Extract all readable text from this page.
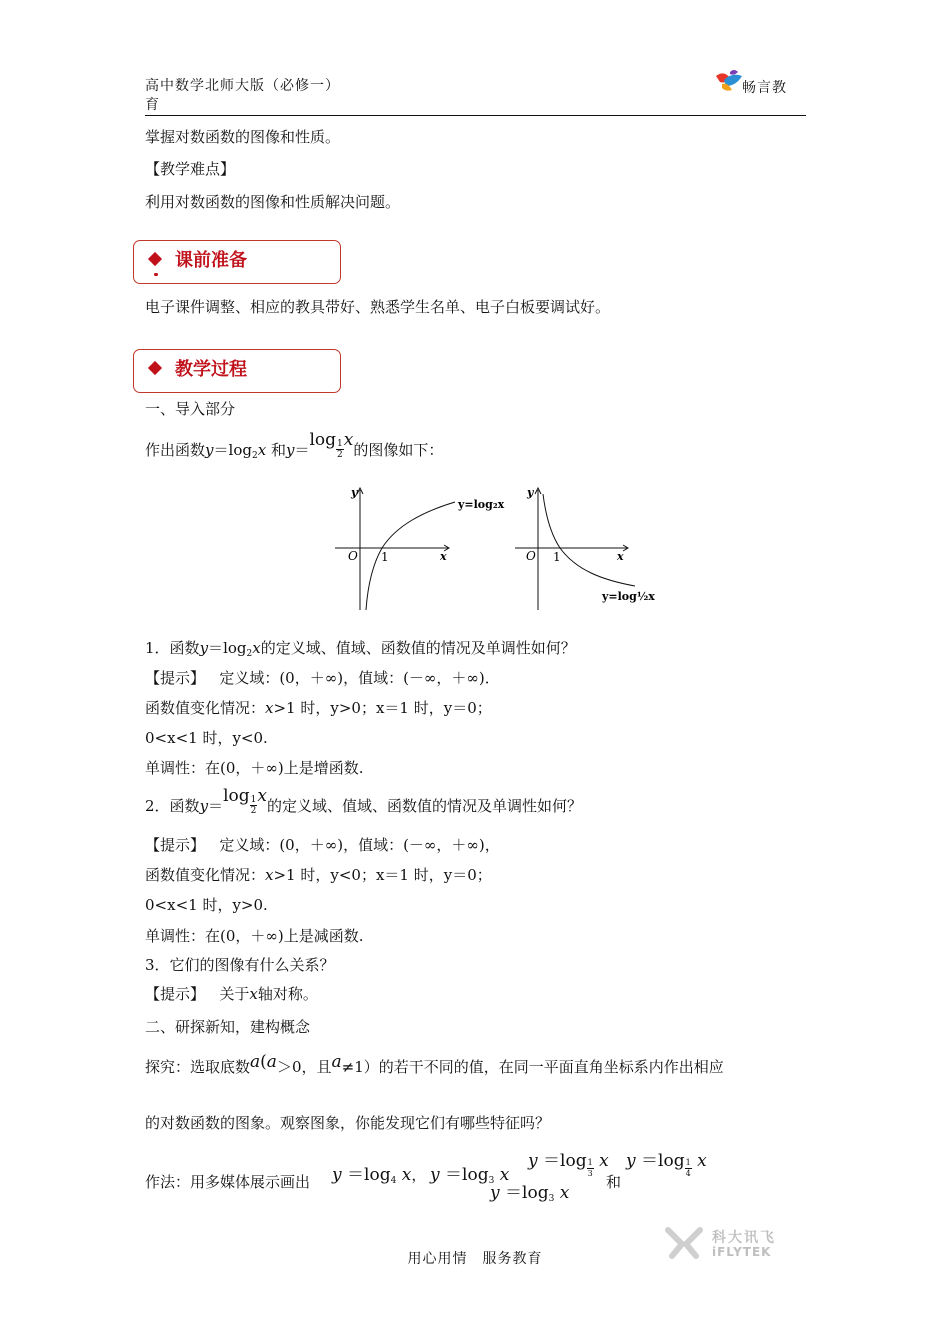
高中数学北师大版（必修一）
育
畅言教
掌握对数函数的图像和性质。
【教学难点】
利用对数函数的图像和性质解决问题。
课前准备
电子课件调整、相应的教具带好、熟悉学生名单、电子白板要调试好。
教学过程
一、导入部分
作出函数$y=\log_2x$ 和$y=\log \frac{1}{2}$ x的图像如下：
y
x
O 1
y=log₂x
y
x
O 1
y=log½x
1．函数$y=\log_2x$的定义域、值域、函数值的情况及单调性如何？
【提示】 定义域：(0，＋∞)，值域：(－∞，＋∞)．
函数值变化情况：x>1 时，y>0；x＝1 时，y＝0；
0<x<1 时，y<0.
单调性：在(0，＋∞)上是增函数.
2．函数$y=\log \frac{1}{2}$ x的定义域、值域、函数值的情况及单调性如何？
【提示】 定义域：(0，＋∞)，值域：(－∞，＋∞)，
函数值变化情况：x>1 时，y<0；x＝1 时，y＝0；
0<x<1 时，y>0.
单调性：在(0，＋∞)上是减函数.
3．它们的图像有什么关系？
【提示】 关于x轴对称。
二、研探新知，建构概念
探究：选取底数a(a＞0，且a≠1）的若干不同的值，在同一平面直角坐标系内作出相应
的对数函数的图象。观察图象，你能发现它们有哪些特征吗？
作法：用多媒体展示画出 $y =\log_4$ x， $y =\log_3$ x
$y =\log \frac{1}{3}$ x
$y =\log_3$ x
和
$y =\log \frac{1}{4}$ x
用心用情　服务教育
科大讯飞
iFLYTEK
